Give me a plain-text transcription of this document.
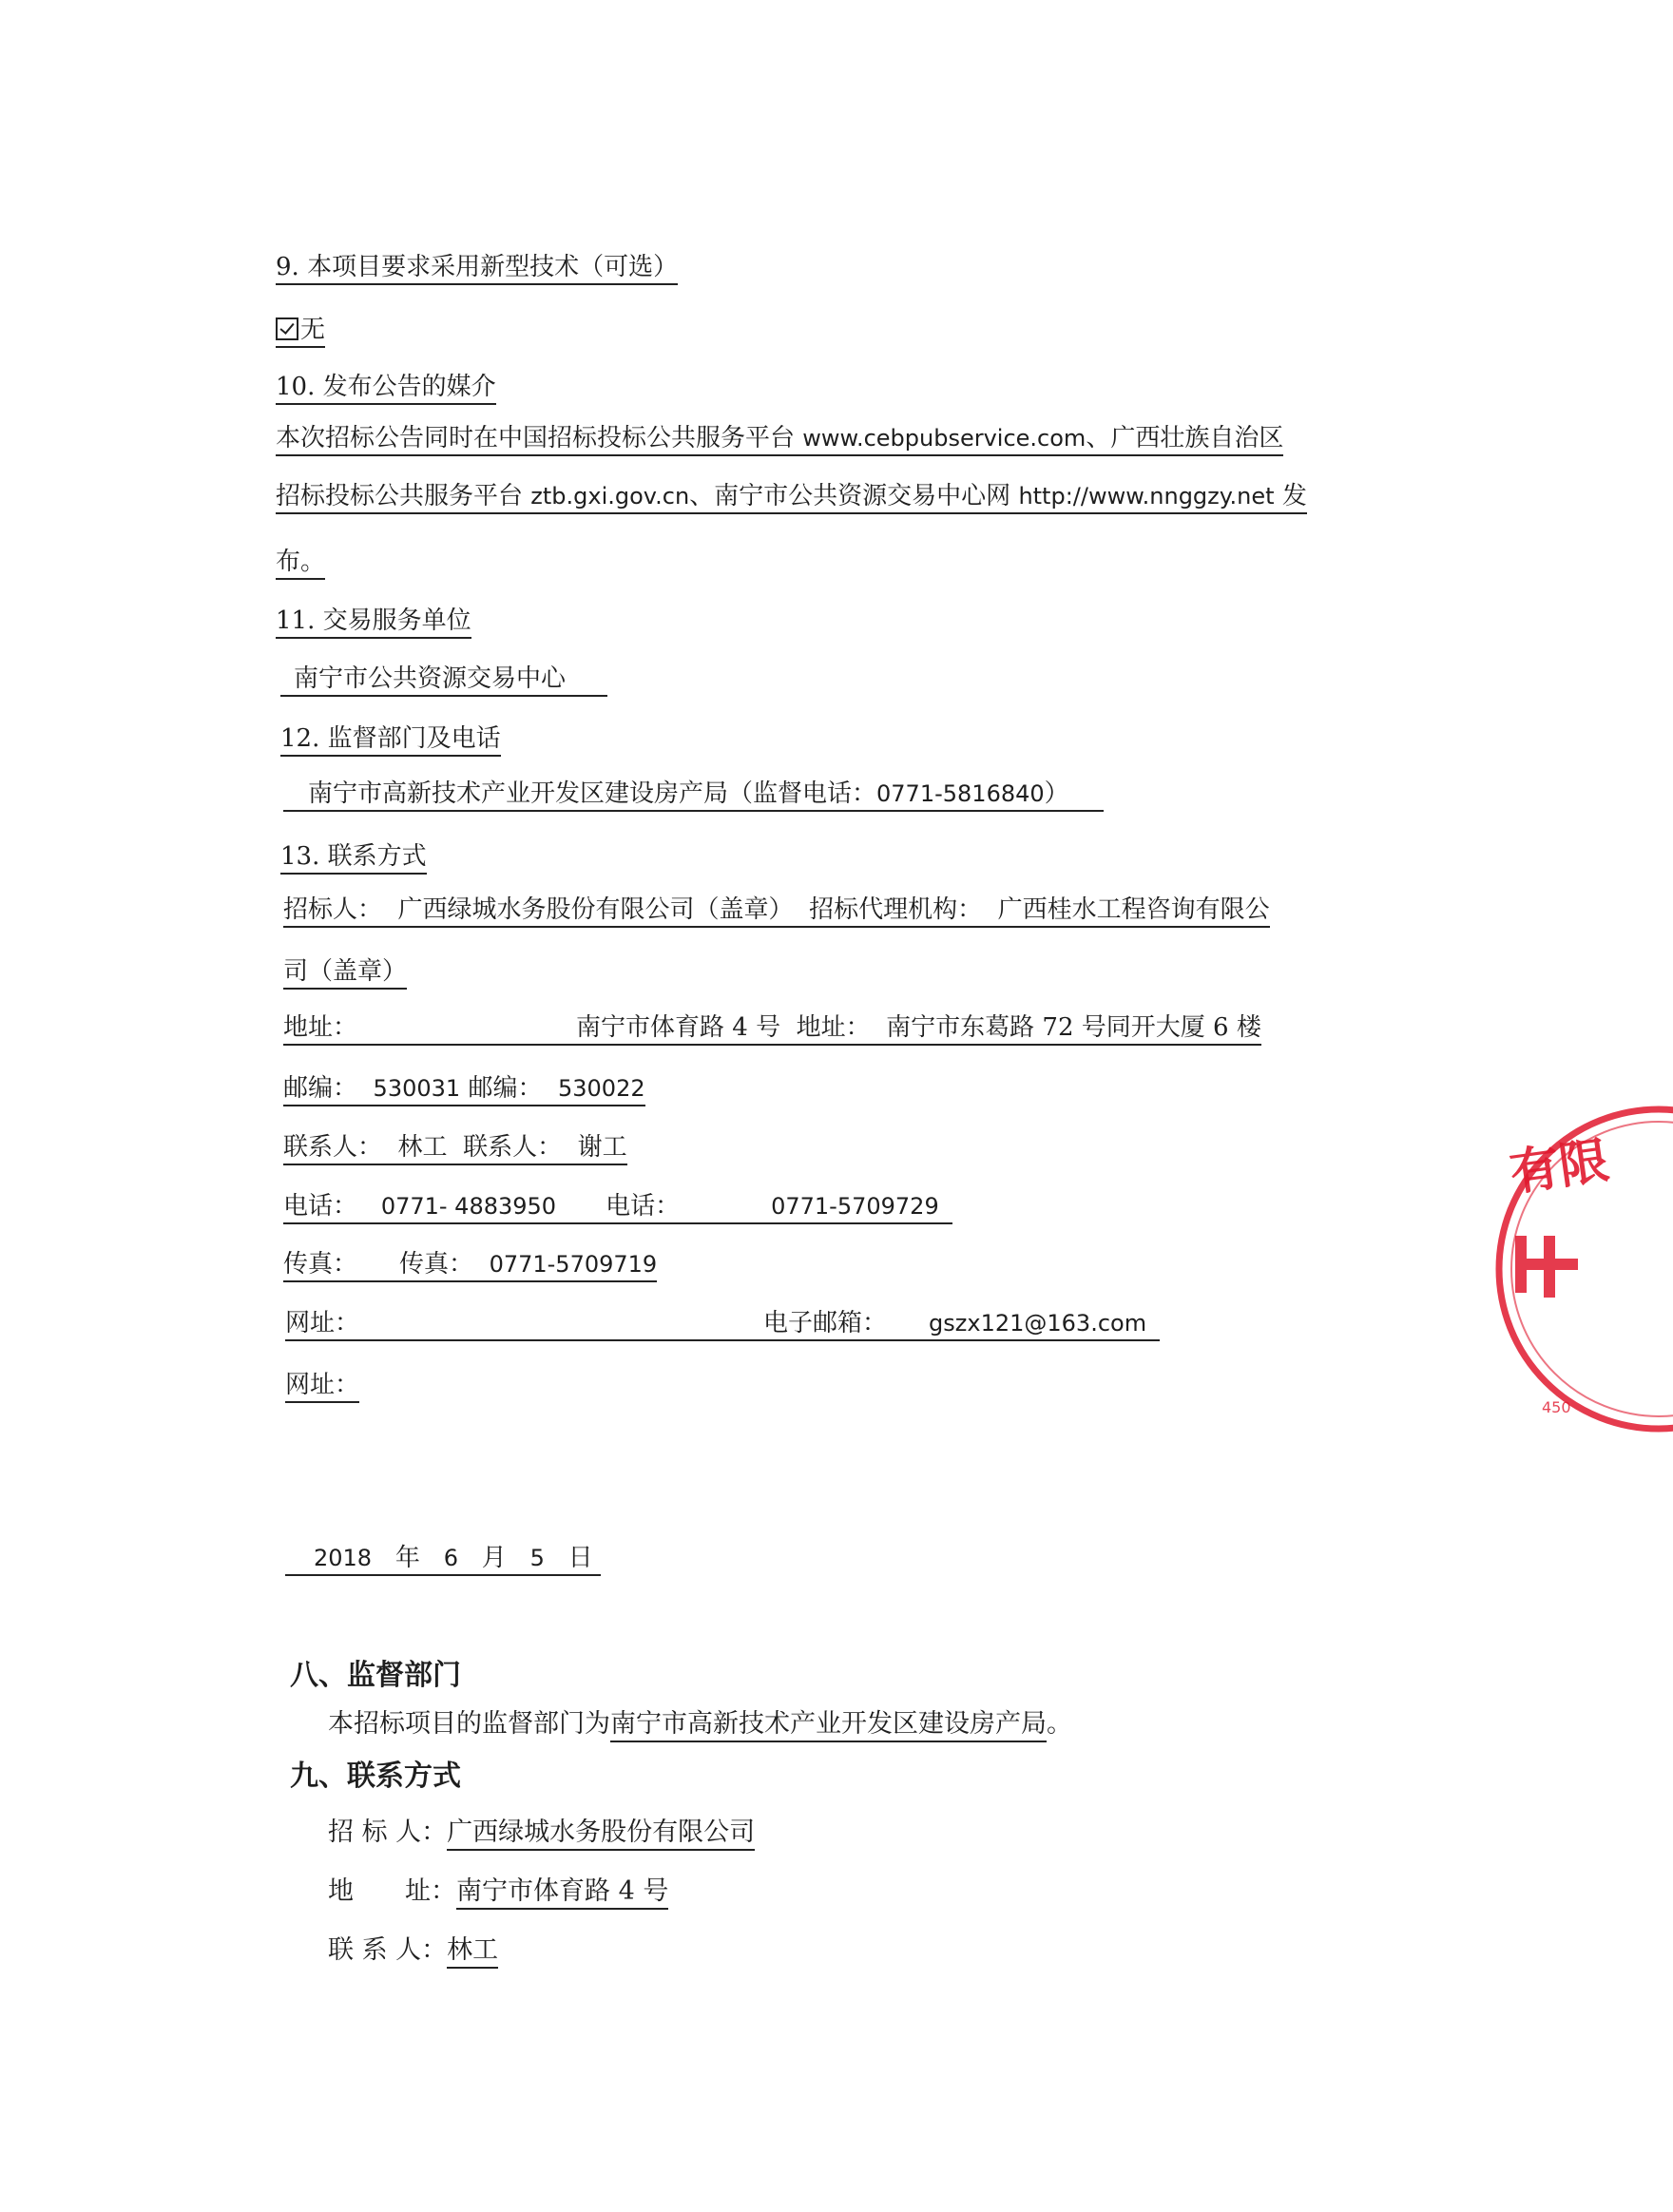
9. 本项目要求采用新型技术（可选）
无
10. 发布公告的媒介
本次招标公告同时在中国招标投标公共服务平台 www.cebpubservice.com、广西壮族自治区
招标投标公共服务平台 ztb.gxi.gov.cn、南宁市公共资源交易中心网 http://www.nnggzy.net 发
布。
11. 交易服务单位
南宁市公共资源交易中心
12. 监督部门及电话
南宁市高新技术产业开发区建设房产局（监督电话：0771-5816840）
13. 联系方式
招标人： 广西绿城水务股份有限公司（盖章） 招标代理机构： 广西桂水工程咨询有限公
司（盖章）
地址：	南宁市体育路 4 号 地址： 南宁市东葛路 72 号同开大厦 6 楼
邮编： 530031 邮编： 530022
联系人： 林工 联系人： 谢工
电话： 0771- 4883950 电话：	0771-5709729
传真： 传真： 0771-5709719
网址：	电子邮箱： gszx121@163.com
网址：
2018 年 6 月 5 日
八、监督部门
本招标项目的监督部门为南宁市高新技术产业开发区建设房产局。
九、联系方式
招 标 人：广西绿城水务股份有限公司
地　　址：南宁市体育路 4 号
联 系 人：林工
有限
450
